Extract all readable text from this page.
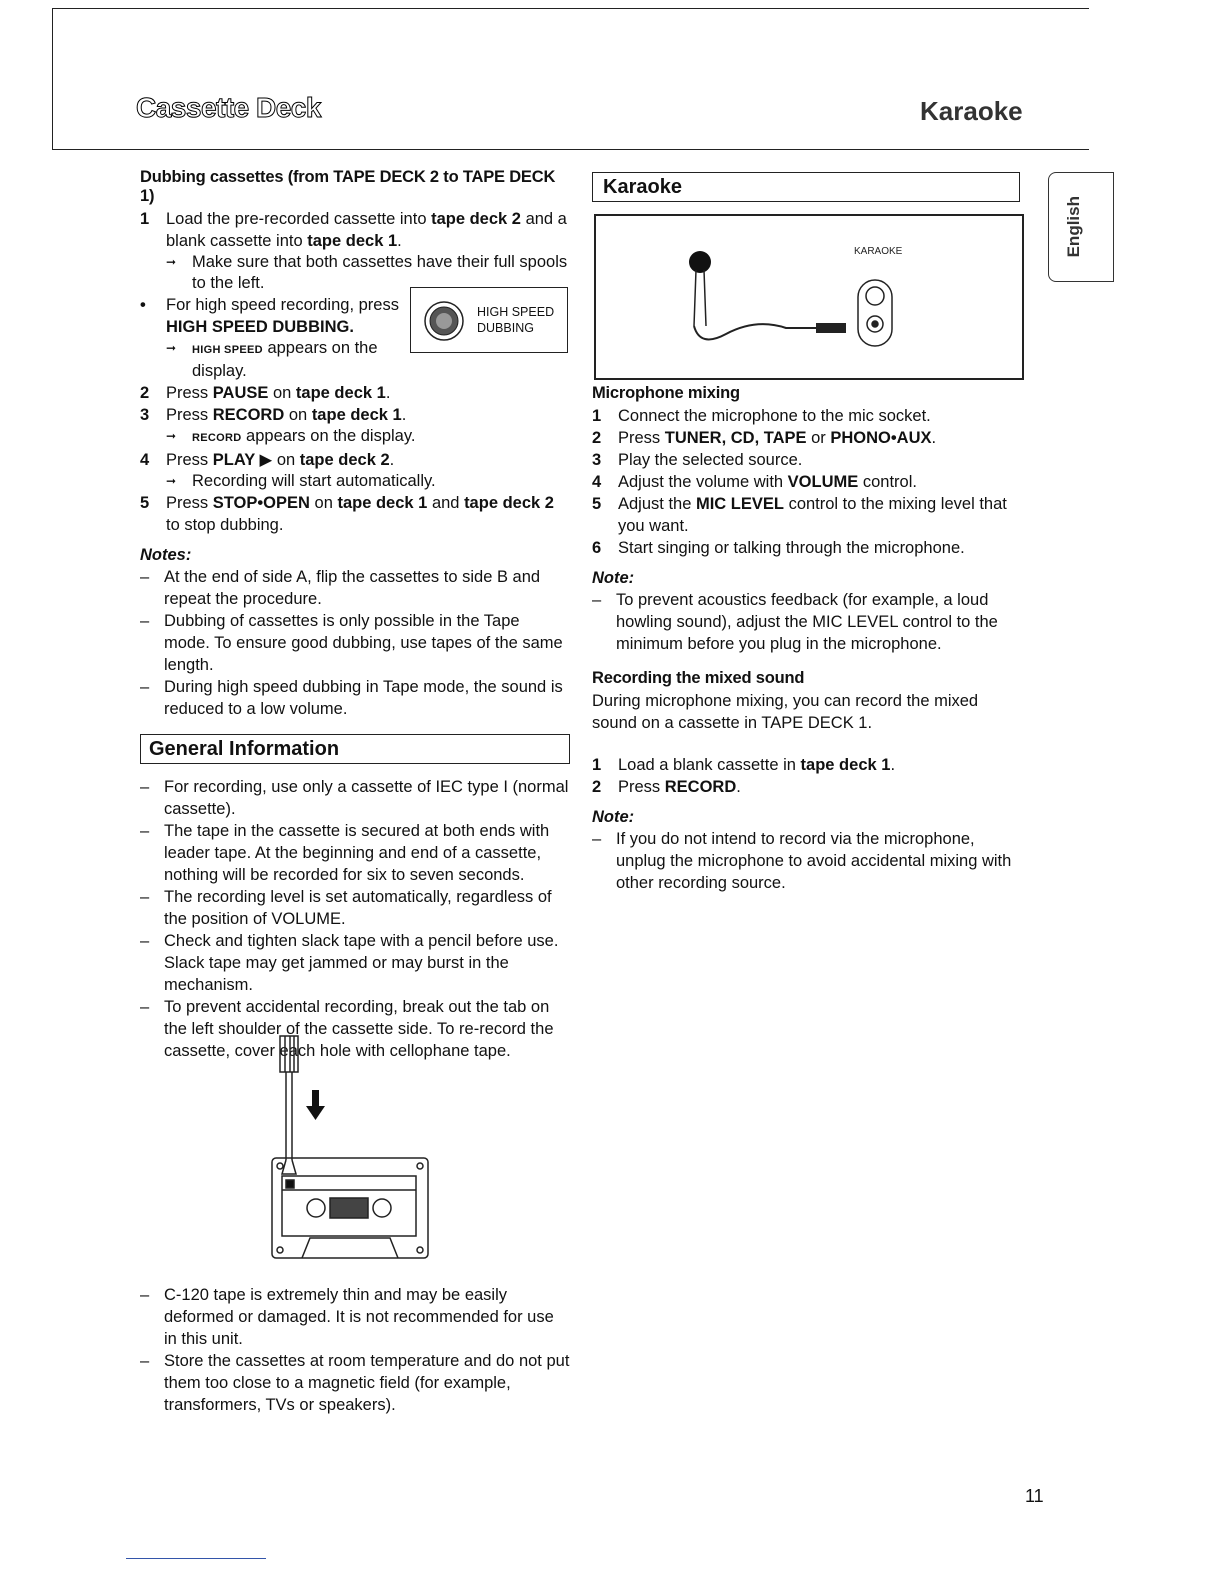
Cassette Deck	Karaoke
English
Dubbing cassettes (from TAPE DECK 2 to TAPE DECK 1)
1	Load the pre-recorded cassette into tape deck 2 and a blank cassette into tape deck 1.
➞ Make sure that both cassettes have their full spools to the left.
•	For high speed recording, press
HIGH SPEED DUBBING.
➞	HIGH SPEED appears on the display.
2	Press PAUSE on tape deck 1.
3	Press RECORD on tape deck 1.
➞	RECORD appears on the display.
4	Press PLAY ▶ on tape deck 2.
➞ Recording will start automatically.
5	Press STOP•OPEN on tape deck 1 and tape deck 2 to stop dubbing.
Notes:
– At the end of side A, flip the cassettes to side B and repeat the procedure.
– Dubbing of cassettes is only possible in the Tape mode. To ensure good dubbing, use tapes of the same length.
– During high speed dubbing in Tape mode, the sound is reduced to a low volume.
General Information
– For recording, use only a cassette of IEC type I (normal cassette).
– The tape in the cassette is secured at both ends with leader tape. At the beginning and end of a cassette, nothing will be recorded for six to seven seconds.
– The recording level is set automatically, regardless of the position of VOLUME.
– Check and tighten slack tape with a pencil before use. Slack tape may get jammed or may burst in the mechanism.
– To prevent accidental recording, break out the tab on the left shoulder of the cassette side. To re-record the cassette, cover each hole with cellophane tape.
HIGH SPEED
DUBBING
– C-120 tape is extremely thin and may be easily deformed or damaged. It is not recommended for use in this unit.
– Store the cassettes at room temperature and do not put them too close to a magnetic field (for example, transformers, TVs or speakers).
Karaoke
KARAOKE
Microphone mixing
1	Connect the microphone to the mic socket.
2	Press TUNER, CD, TAPE or PHONO•AUX.
3	Play the selected source.
4	Adjust the volume with VOLUME control.
5	Adjust the MIC LEVEL control to the mixing level that you want.
6	Start singing or talking through the microphone.
Note:
– To prevent acoustics feedback (for example, a loud howling sound), adjust the MIC LEVEL control to the minimum before you plug in the microphone.
Recording the mixed sound
During microphone mixing, you can record the mixed sound on a cassette in TAPE DECK 1.
1	Load a blank cassette in tape deck 1.
2	Press RECORD.
Note:
– If you do not intend to record via the microphone, unplug the microphone to avoid accidental mixing with other recording source.
11
